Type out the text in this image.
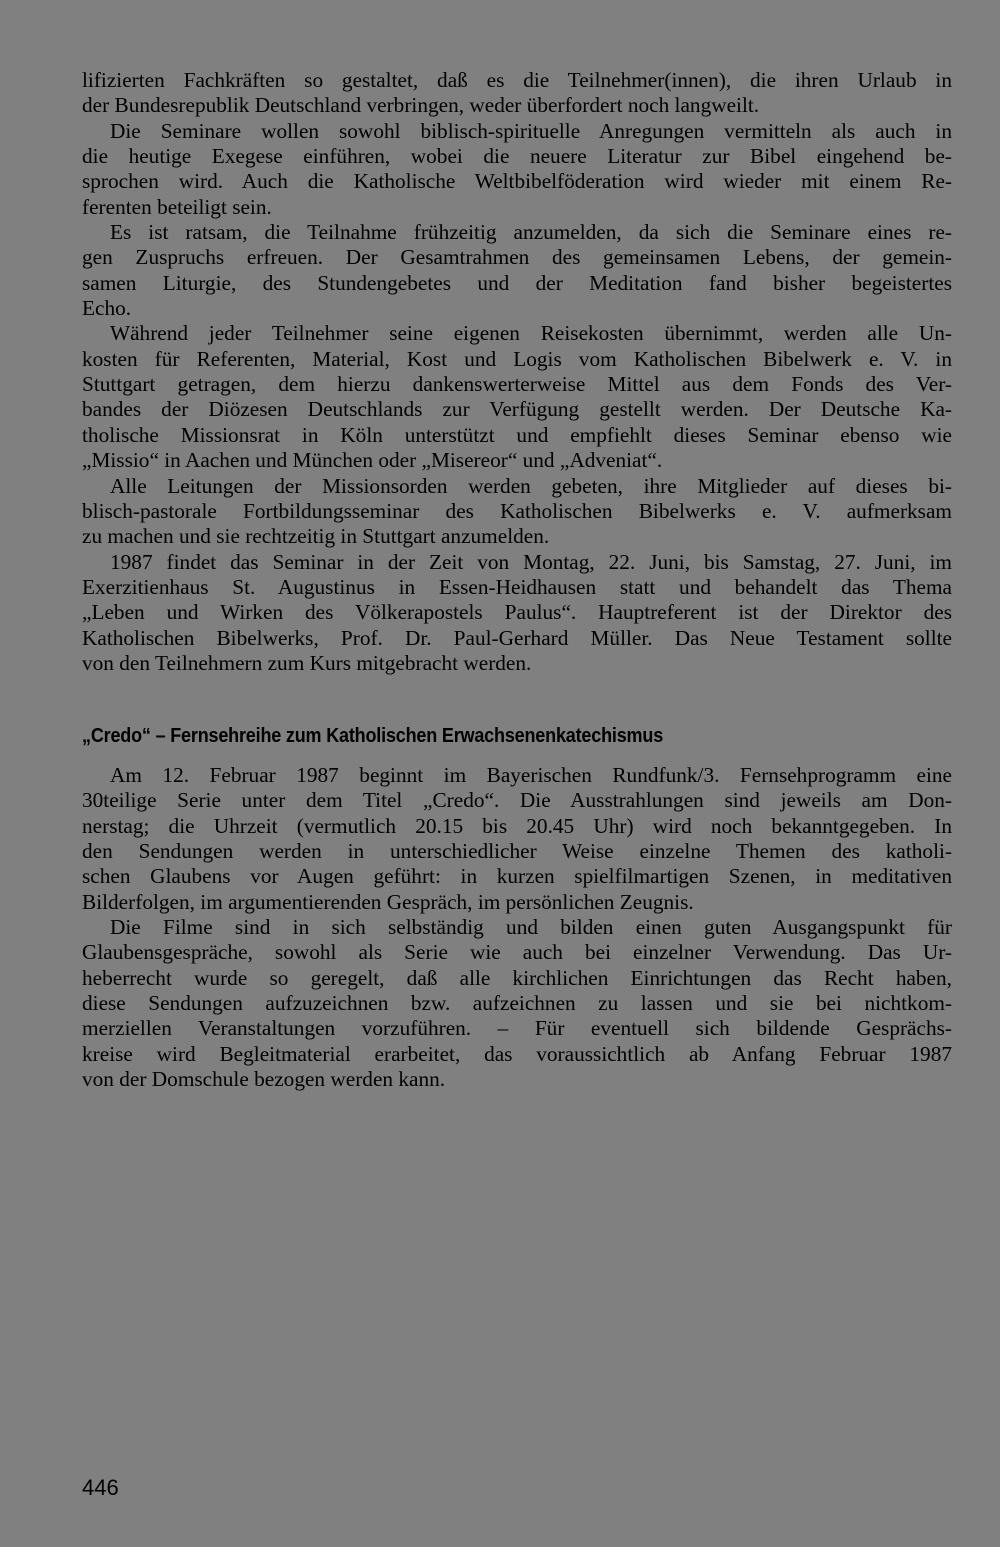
lifizierten Fachkräften so gestaltet, daß es die Teilnehmer(innen), die ihren Urlaub in
der Bundesrepublik Deutschland verbringen, weder überfordert noch langweilt.
Die Seminare wollen sowohl biblisch-spirituelle Anregungen vermitteln als auch in
die heutige Exegese einführen, wobei die neuere Literatur zur Bibel eingehend be-
sprochen wird. Auch die Katholische Weltbibelföderation wird wieder mit einem Re-
ferenten beteiligt sein.
Es ist ratsam, die Teilnahme frühzeitig anzumelden, da sich die Seminare eines re-
gen Zuspruchs erfreuen. Der Gesamtrahmen des gemeinsamen Lebens, der gemein-
samen Liturgie, des Stundengebetes und der Meditation fand bisher begeistertes
Echo.
Während jeder Teilnehmer seine eigenen Reisekosten übernimmt, werden alle Un-
kosten für Referenten, Material, Kost und Logis vom Katholischen Bibelwerk e. V. in
Stuttgart getragen, dem hierzu dankenswerterweise Mittel aus dem Fonds des Ver-
bandes der Diözesen Deutschlands zur Verfügung gestellt werden. Der Deutsche Ka-
tholische Missionsrat in Köln unterstützt und empfiehlt dieses Seminar ebenso wie
„Missio“ in Aachen und München oder „Misereor“ und „Adveniat“.
Alle Leitungen der Missionsorden werden gebeten, ihre Mitglieder auf dieses bi-
blisch-pastorale Fortbildungsseminar des Katholischen Bibelwerks e. V. aufmerksam
zu machen und sie rechtzeitig in Stuttgart anzumelden.
1987 findet das Seminar in der Zeit von Montag, 22. Juni, bis Samstag, 27. Juni, im
Exerzitienhaus St. Augustinus in Essen-Heidhausen statt und behandelt das Thema
„Leben und Wirken des Völkerapostels Paulus“. Hauptreferent ist der Direktor des
Katholischen Bibelwerks, Prof. Dr. Paul-Gerhard Müller. Das Neue Testament sollte
von den Teilnehmern zum Kurs mitgebracht werden.
„Credo“ – Fernsehreihe zum Katholischen Erwachsenenkatechismus
Am 12. Februar 1987 beginnt im Bayerischen Rundfunk/3. Fernsehprogramm eine
30teilige Serie unter dem Titel „Credo“. Die Ausstrahlungen sind jeweils am Don-
nerstag; die Uhrzeit (vermutlich 20.15 bis 20.45 Uhr) wird noch bekanntgegeben. In
den Sendungen werden in unterschiedlicher Weise einzelne Themen des katholi-
schen Glaubens vor Augen geführt: in kurzen spielfilmartigen Szenen, in meditativen
Bilderfolgen, im argumentierenden Gespräch, im persönlichen Zeugnis.
Die Filme sind in sich selbständig und bilden einen guten Ausgangspunkt für
Glaubensgespräche, sowohl als Serie wie auch bei einzelner Verwendung. Das Ur-
heberrecht wurde so geregelt, daß alle kirchlichen Einrichtungen das Recht haben,
diese Sendungen aufzuzeichnen bzw. aufzeichnen zu lassen und sie bei nichtkom-
merziellen Veranstaltungen vorzuführen. – Für eventuell sich bildende Gesprächs-
kreise wird Begleitmaterial erarbeitet, das voraussichtlich ab Anfang Februar 1987
von der Domschule bezogen werden kann.
446
